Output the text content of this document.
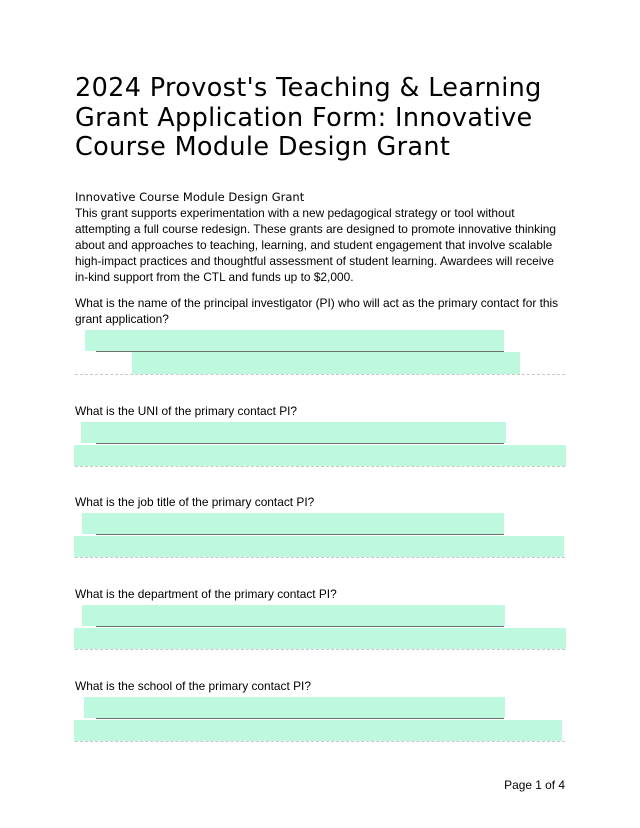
2024 Provost's Teaching & Learning Grant Application Form: Innovative Course Module Design Grant
Innovative Course Module Design Grant

This grant supports experimentation with a new pedagogical strategy or tool without attempting a full course redesign. These grants are designed to promote innovative thinking about and approaches to teaching, learning, and student engagement that involve scalable high-impact practices and thoughtful assessment of student learning. Awardees will receive in-kind support from the CTL and funds up to $2,000.

What is the name of the principal investigator (PI) who will act as the primary contact for this grant application?

What is the UNI of the primary contact PI?

What is the job title of the primary contact PI?

What is the department of the primary contact PI?

What is the school of the primary contact PI?

Page 1 of 4
